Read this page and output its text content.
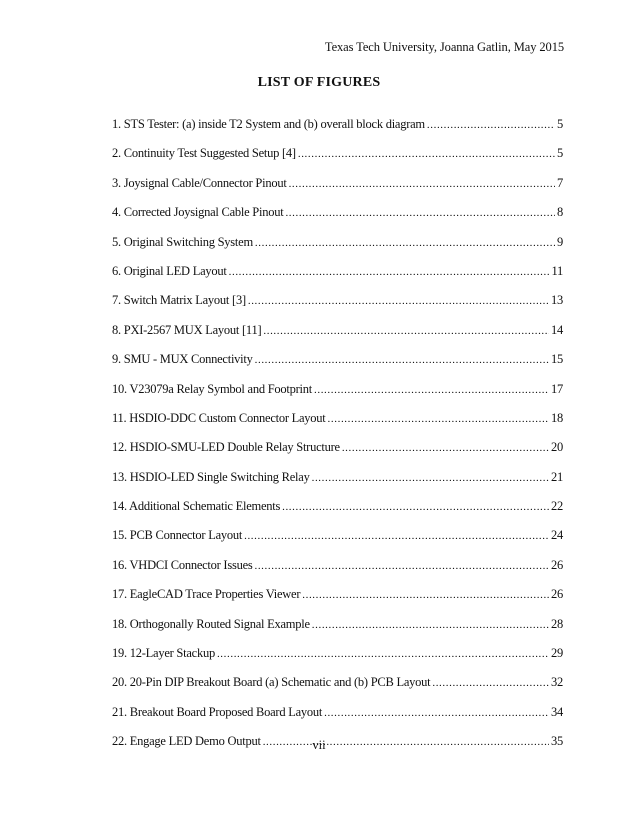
Texas Tech University, Joanna Gatlin, May 2015
LIST OF FIGURES
1. STS Tester: (a) inside T2 System and (b) overall block diagram .....	5
2. Continuity Test Suggested Setup [4] .....	5
3. Joysignal Cable/Connector Pinout .....	7
4. Corrected Joysignal Cable Pinout .....	8
5. Original Switching System .....	9
6. Original LED Layout .....	11
7. Switch Matrix Layout [3] .....	13
8. PXI-2567 MUX Layout [11] .....	14
9. SMU - MUX Connectivity .....	15
10. V23079a Relay Symbol and Footprint .....	17
11. HSDIO-DDC Custom Connector Layout .....	18
12. HSDIO-SMU-LED Double Relay Structure .....	20
13. HSDIO-LED Single Switching Relay .....	21
14. Additional Schematic Elements .....	22
15. PCB Connector Layout .....	24
16. VHDCI Connector Issues .....	26
17. EagleCAD Trace Properties Viewer .....	26
18. Orthogonally Routed Signal Example .....	28
19. 12-Layer Stackup .....	29
20. 20-Pin DIP Breakout Board (a) Schematic and (b) PCB Layout .....	32
21. Breakout Board Proposed Board Layout .....	34
22. Engage LED Demo Output .....	35
vii
